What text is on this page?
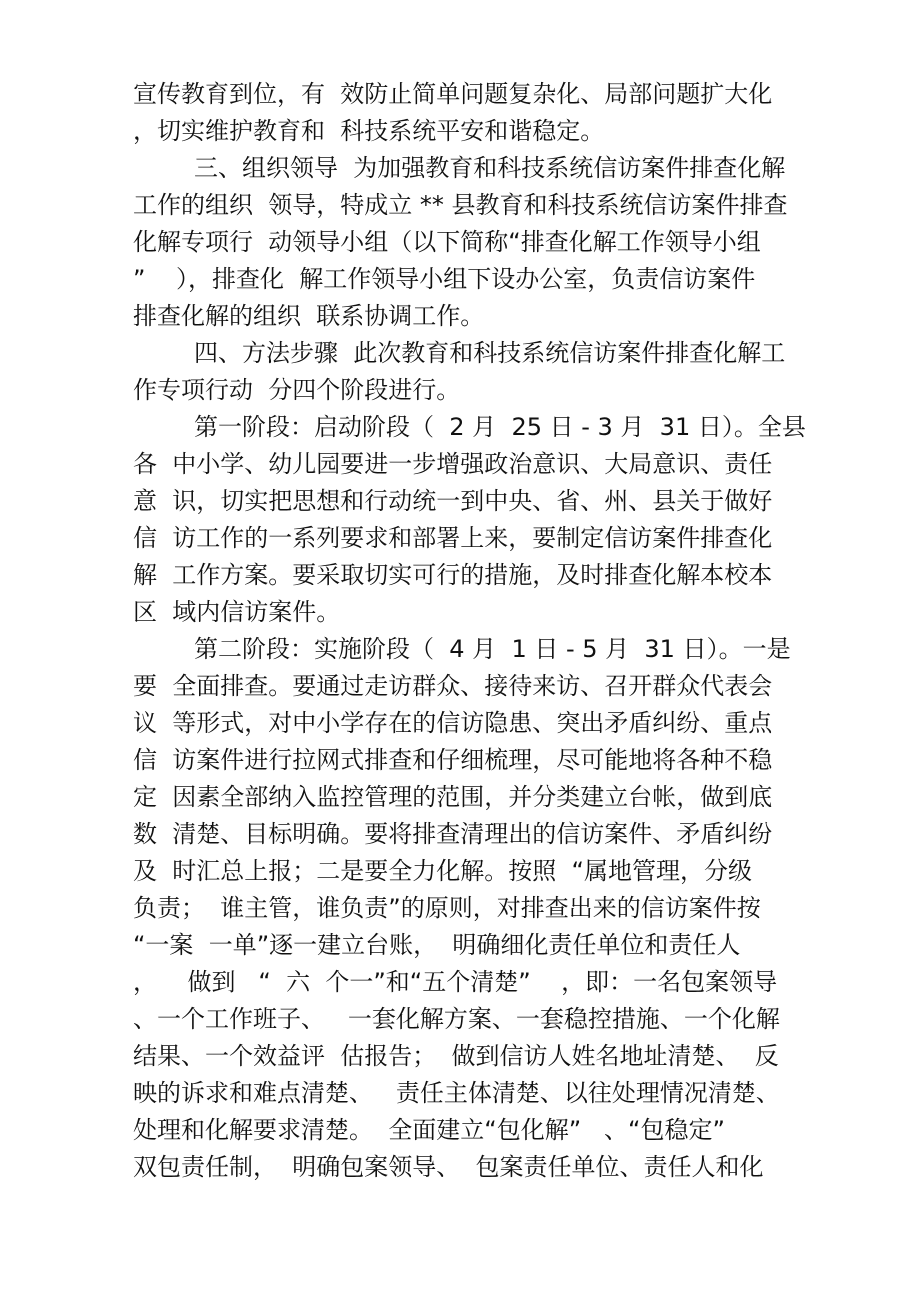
宣传教育到位，有  效防止简单问题复杂化、局部问题扩大化
，切实维护教育和  科技系统平安和谐稳定。
三、组织领导  为加强教育和科技系统信访案件排查化解
工作的组织  领导，特成立 ** 县教育和科技系统信访案件排查
化解专项行  动领导小组（以下简称“排查化解工作领导小组
”    ），排查化  解工作领导小组下设办公室，负责信访案件
排查化解的组织  联系协调工作。
四、方法步骤  此次教育和科技系统信访案件排查化解工
作专项行动  分四个阶段进行。
第一阶段：启动阶段（  2 月  25 日 - 3 月  31 日）。全县
各  中小学、幼儿园要进一步增强政治意识、大局意识、责任
意  识，切实把思想和行动统一到中央、省、州、县关于做好
信  访工作的一系列要求和部署上来，要制定信访案件排查化
解  工作方案。要采取切实可行的措施，及时排查化解本校本
区  域内信访案件。
第二阶段：实施阶段（  4 月  1 日 - 5 月  31 日）。一是
要  全面排查。要通过走访群众、接待来访、召开群众代表会
议  等形式，对中小学存在的信访隐患、突出矛盾纠纷、重点
信  访案件进行拉网式排查和仔细梳理，尽可能地将各种不稳
定  因素全部纳入监控管理的范围，并分类建立台帐，做到底
数  清楚、目标明确。要将排查清理出的信访案件、矛盾纠纷
及  时汇总上报；二是要全力化解。按照  “属地管理，分级
负责；  谁主管，谁负责”的原则，对排查出来的信访案件按
“一案  一单”逐一建立台账，  明确细化责任单位和责任人
，    做到   “  六  个一”和“五个清楚”    ，即：一名包案领导
、一个工作班子、   一套化解方案、一套稳控措施、一个化解
结果、一个效益评  估报告；  做到信访人姓名地址清楚、  反
映的诉求和难点清楚、   责任主体清楚、以往处理情况清楚、
处理和化解要求清楚。  全面建立“包化解”   、“包稳定”
双包责任制，  明确包案领导、  包案责任单位、责任人和化
